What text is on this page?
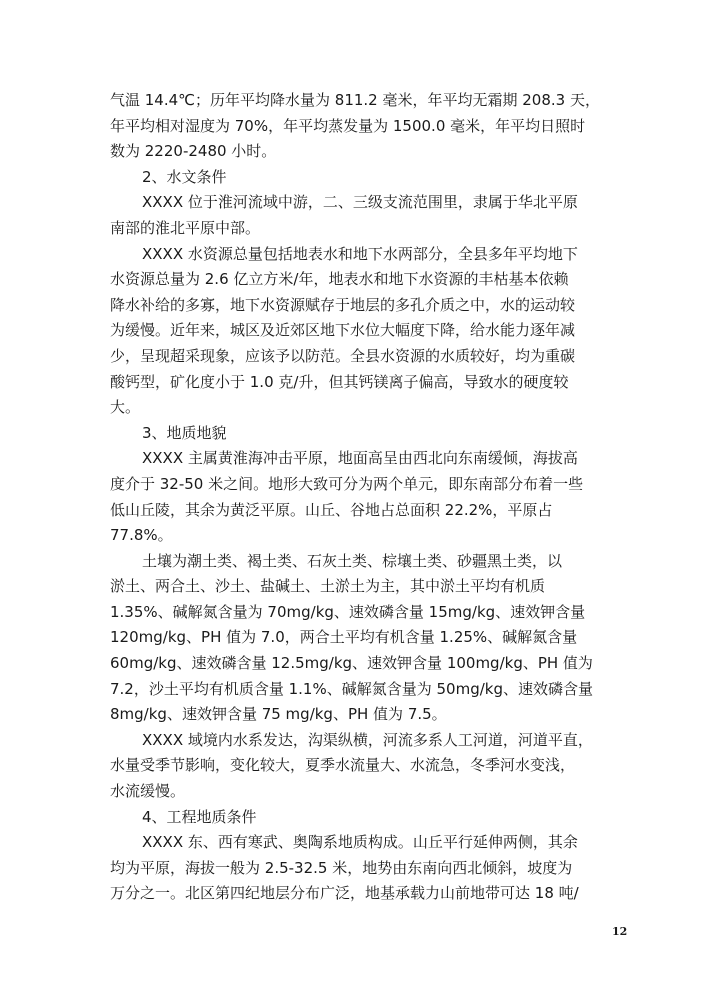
气温 14.4℃；历年平均降水量为 811.2 毫米，年平均无霜期 208.3 天，
年平均相对湿度为 70%，年平均蒸发量为 1500.0 毫米，年平均日照时
数为 2220-2480 小时。
2、水文条件
XXXX 位于淮河流域中游，二、三级支流范围里，隶属于华北平原
南部的淮北平原中部。
XXXX 水资源总量包括地表水和地下水两部分，全县多年平均地下
水资源总量为 2.6 亿立方米/年，地表水和地下水资源的丰枯基本依赖
降水补给的多寡，地下水资源赋存于地层的多孔介质之中，水的运动较
为缓慢。近年来，城区及近郊区地下水位大幅度下降，给水能力逐年减
少，呈现超采现象，应该予以防范。全县水资源的水质较好，均为重碳
酸钙型，矿化度小于 1.0 克/升，但其钙镁离子偏高，导致水的硬度较
大。
3、地质地貌
XXXX 主属黄淮海冲击平原，地面高呈由西北向东南缓倾，海拔高
度介于 32-50 米之间。地形大致可分为两个单元，即东南部分布着一些
低山丘陵，其余为黄泛平原。山丘、谷地占总面积 22.2%，平原占
77.8%。
土壤为潮土类、褐土类、石灰土类、棕壤土类、砂疆黑土类，以
淤土、两合土、沙土、盐碱土、土淤土为主，其中淤土平均有机质
1.35%、碱解氮含量为 70mg/kg、速效磷含量 15mg/kg、速效钾含量
120mg/kg、PH 值为 7.0，两合土平均有机含量 1.25%、碱解氮含量
60mg/kg、速效磷含量 12.5mg/kg、速效钾含量 100mg/kg、PH 值为
7.2，沙土平均有机质含量 1.1%、碱解氮含量为 50mg/kg、速效磷含量
8mg/kg、速效钾含量 75 mg/kg、PH 值为 7.5。
XXXX 域境内水系发达，沟渠纵横，河流多系人工河道，河道平直，
水量受季节影响，变化较大，夏季水流量大、水流急，冬季河水变浅，
水流缓慢。
4、工程地质条件
XXXX 东、西有寒武、奥陶系地质构成。山丘平行延伸两侧，其余
均为平原，海拔一般为 2.5-32.5 米，地势由东南向西北倾斜，坡度为
万分之一。北区第四纪地层分布广泛，地基承载力山前地带可达 18 吨/
12
